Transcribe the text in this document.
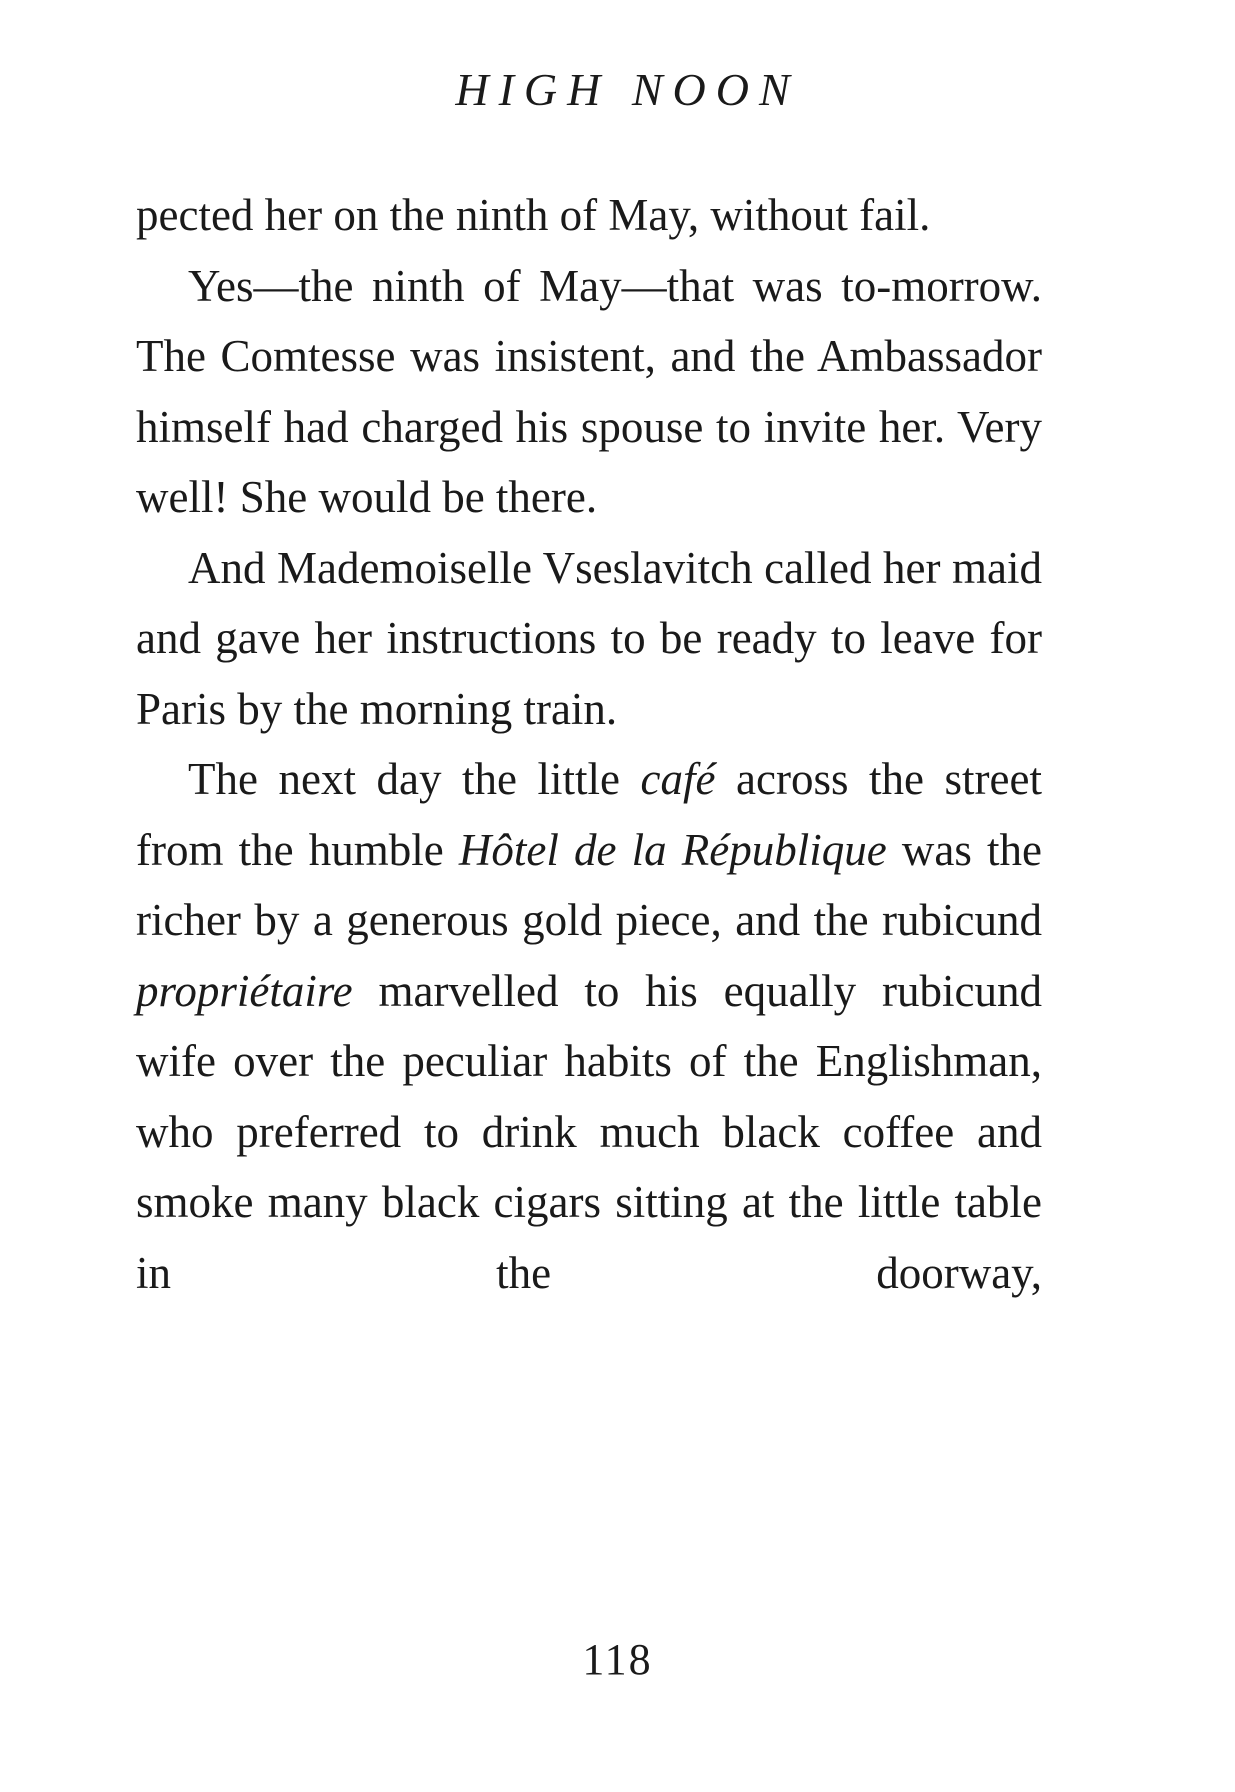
HIGH NOON

pected her on the ninth of May, without fail.

Yes—the ninth of May—that was to-morrow. The Comtesse was insistent, and the Ambassador himself had charged his spouse to invite her. Very well! She would be there.

And Mademoiselle Vseslavitch called her maid and gave her instructions to be ready to leave for Paris by the morning train.

The next day the little café across the street from the humble Hôtel de la République was the richer by a generous gold piece, and the rubicund propriétaire marvelled to his equally rubicund wife over the peculiar habits of the Englishman, who preferred to drink much black coffee and smoke many black cigars sitting at the little table in the doorway,

118
